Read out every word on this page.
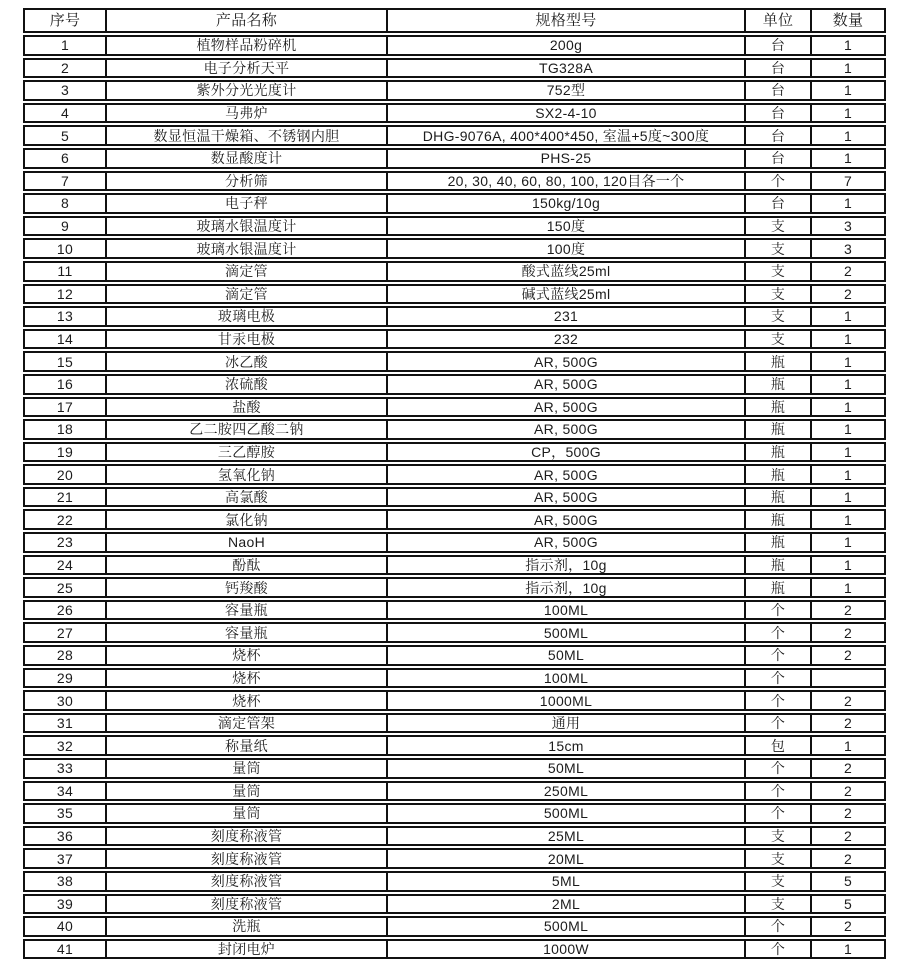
序号	产品名称	规格型号	单位	数量
1	植物样品粉碎机	200g	台	1
2	电子分析天平	TG328A	台	1
3	紫外分光光度计	752型	台	1
4	马弗炉	SX2-4-10	台	1
5	数显恒温干燥箱、不锈钢内胆	DHG-9076A, 400*400*450, 室温+5度~300度	台	1
6	数显酸度计	PHS-25	台	1
7	分析筛	20, 30, 40, 60, 80, 100, 120目各一个	个	7
8	电子秤	150kg/10g	台	1
9	玻璃水银温度计	150度	支	3
10	玻璃水银温度计	100度	支	3
11	滴定管	酸式蓝线25ml	支	2
12	滴定管	碱式蓝线25ml	支	2
13	玻璃电极	231	支	1
14	甘汞电极	232	支	1
15	冰乙酸	AR, 500G	瓶	1
16	浓硫酸	AR, 500G	瓶	1
17	盐酸	AR, 500G	瓶	1
18	乙二胺四乙酸二钠	AR, 500G	瓶	1
19	三乙醇胺	CP，500G	瓶	1
20	氢氧化钠	AR, 500G	瓶	1
21	高氯酸	AR, 500G	瓶	1
22	氯化钠	AR, 500G	瓶	1
23	NaoH	AR, 500G	瓶	1
24	酚酞	指示剂，10g	瓶	1
25	钙羧酸	指示剂，10g	瓶	1
26	容量瓶	100ML	个	2
27	容量瓶	500ML	个	2
28	烧杯	50ML	个	2
29	烧杯	100ML	个
30	烧杯	1000ML	个	2
31	滴定管架	通用	个	2
32	称量纸	15cm	包	1
33	量筒	50ML	个	2
34	量筒	250ML	个	2
35	量筒	500ML	个	2
36	刻度称液管	25ML	支	2
37	刻度称液管	20ML	支	2
38	刻度称液管	5ML	支	5
39	刻度称液管	2ML	支	5
40	洗瓶	500ML	个	2
41	封闭电炉	1000W	个	1
